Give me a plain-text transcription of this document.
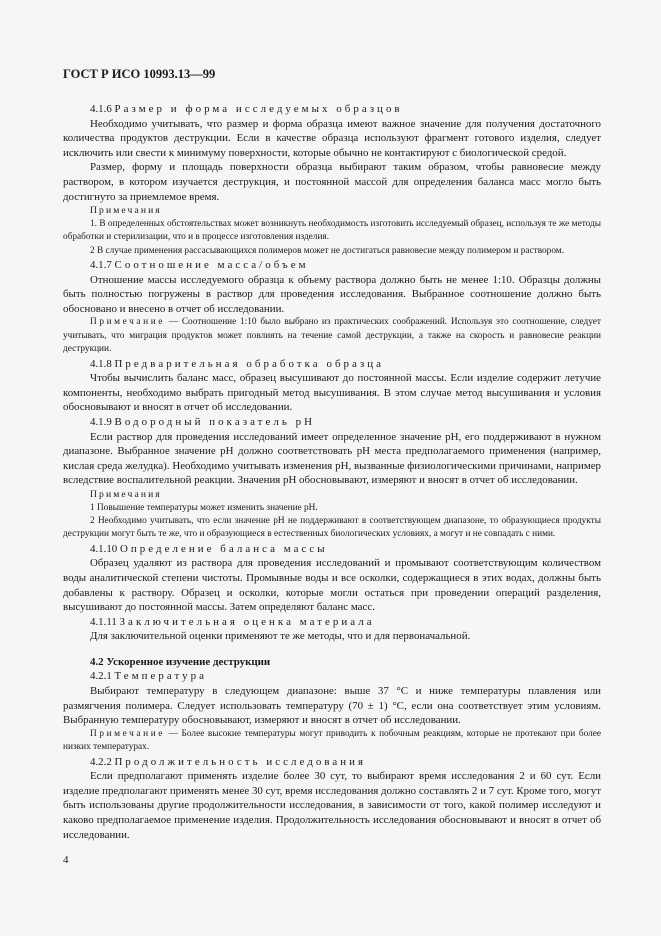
ГОСТ Р ИСО 10993.13—99
4.1.6 Размер и форма исследуемых образцов

Необходимо учитывать, что размер и форма образца имеют важное значение для получения достаточного количества продуктов деструкции. Если в качестве образца используют фрагмент готового изделия, следует исключить или свести к минимуму поверхности, которые обычно не контактируют с биологической средой.

Размер, форму и площадь поверхности образца выбирают таким образом, чтобы равновесие между раствором, в котором изучается деструкция, и постоянной массой для определения баланса масс могло быть достигнуто за приемлемое время.

Примечания

1. В определенных обстоятельствах может возникнуть необходимость изготовить исследуемый образец, используя те же методы обработки и стерилизации, что и в процессе изготовления изделия.

2 В случае применения рассасывающихся полимеров может не достигаться равновесие между полимером и раствором.

4.1.7 Соотношение масса/объем

Отношение массы исследуемого образца к объему раствора должно быть не менее 1:10. Образцы должны быть полностью погружены в раствор для проведения исследования. Выбранное соотношение должно быть обосновано и внесено в отчет об исследовании.

Примечание — Соотношение 1:10 было выбрано из практических соображений. Используя это соотношение, следует учитывать, что миграция продуктов может повлиять на течение самой деструкции, а также на скорость и равновесие реакции деструкции.

4.1.8 Предварительная обработка образца

Чтобы вычислить баланс масс, образец высушивают до постоянной массы. Если изделие содержит летучие компоненты, необходимо выбрать пригодный метод высушивания. В этом случае метод высушивания и условия обосновывают и вносят в отчет об исследовании.

4.1.9 Водородный показатель pH

Если раствор для проведения исследований имеет определенное значение pH, его поддерживают в нужном диапазоне. Выбранное значение pH должно соответствовать pH места предполагаемого применения (например, кислая среда желудка). Необходимо учитывать изменения pH, вызванные физиологическими причинами, например вследствие воспалительной реакции. Значения pH обосновывают, измеряют и вносят в отчет об исследовании.

Примечания

1 Повышение температуры может изменить значение pH.

2 Необходимо учитывать, что если значение pH не поддерживают в соответствующем диапазоне, то образующиеся продукты деструкции могут быть те же, что и образующиеся в естественных биологических условиях, а могут и не совпадать с ними.

4.1.10 Определение баланса массы

Образец удаляют из раствора для проведения исследований и промывают соответствующим количеством воды аналитической степени чистоты. Промывные воды и все осколки, содержащиеся в этих водах, должны быть добавлены к раствору. Образец и осколки, которые могли остаться при проведении операций разделения, высушивают до постоянной массы. Затем определяют баланс масс.

4.1.11 Заключительная оценка материала

Для заключительной оценки применяют те же методы, что и для первоначальной.

4.2 Ускоренное изучение деструкции
4.2.1 Температура

Выбирают температуру в следующем диапазоне: выше 37 °С и ниже температуры плавления или размягчения полимера. Следует использовать температуру (70 ± 1) °С, если она соответствует этим условиям. Выбранную температуру обосновывают, измеряют и вносят в отчет об исследовании.

Примечание — Более высокие температуры могут приводить к побочным реакциям, которые не протекают при более низких температурах.

4.2.2 Продолжительность исследования

Если предполагают применять изделие более 30 сут, то выбирают время исследования 2 и 60 сут. Если изделие предполагают применять менее 30 сут, время исследования должно составлять 2 и 7 сут. Кроме того, могут быть использованы другие продолжительности исследования, в зависимости от того, какой полимер исследуют и каково предполагаемое применение изделия. Продолжительность исследования обосновывают и вносят в отчет об исследовании.

4
